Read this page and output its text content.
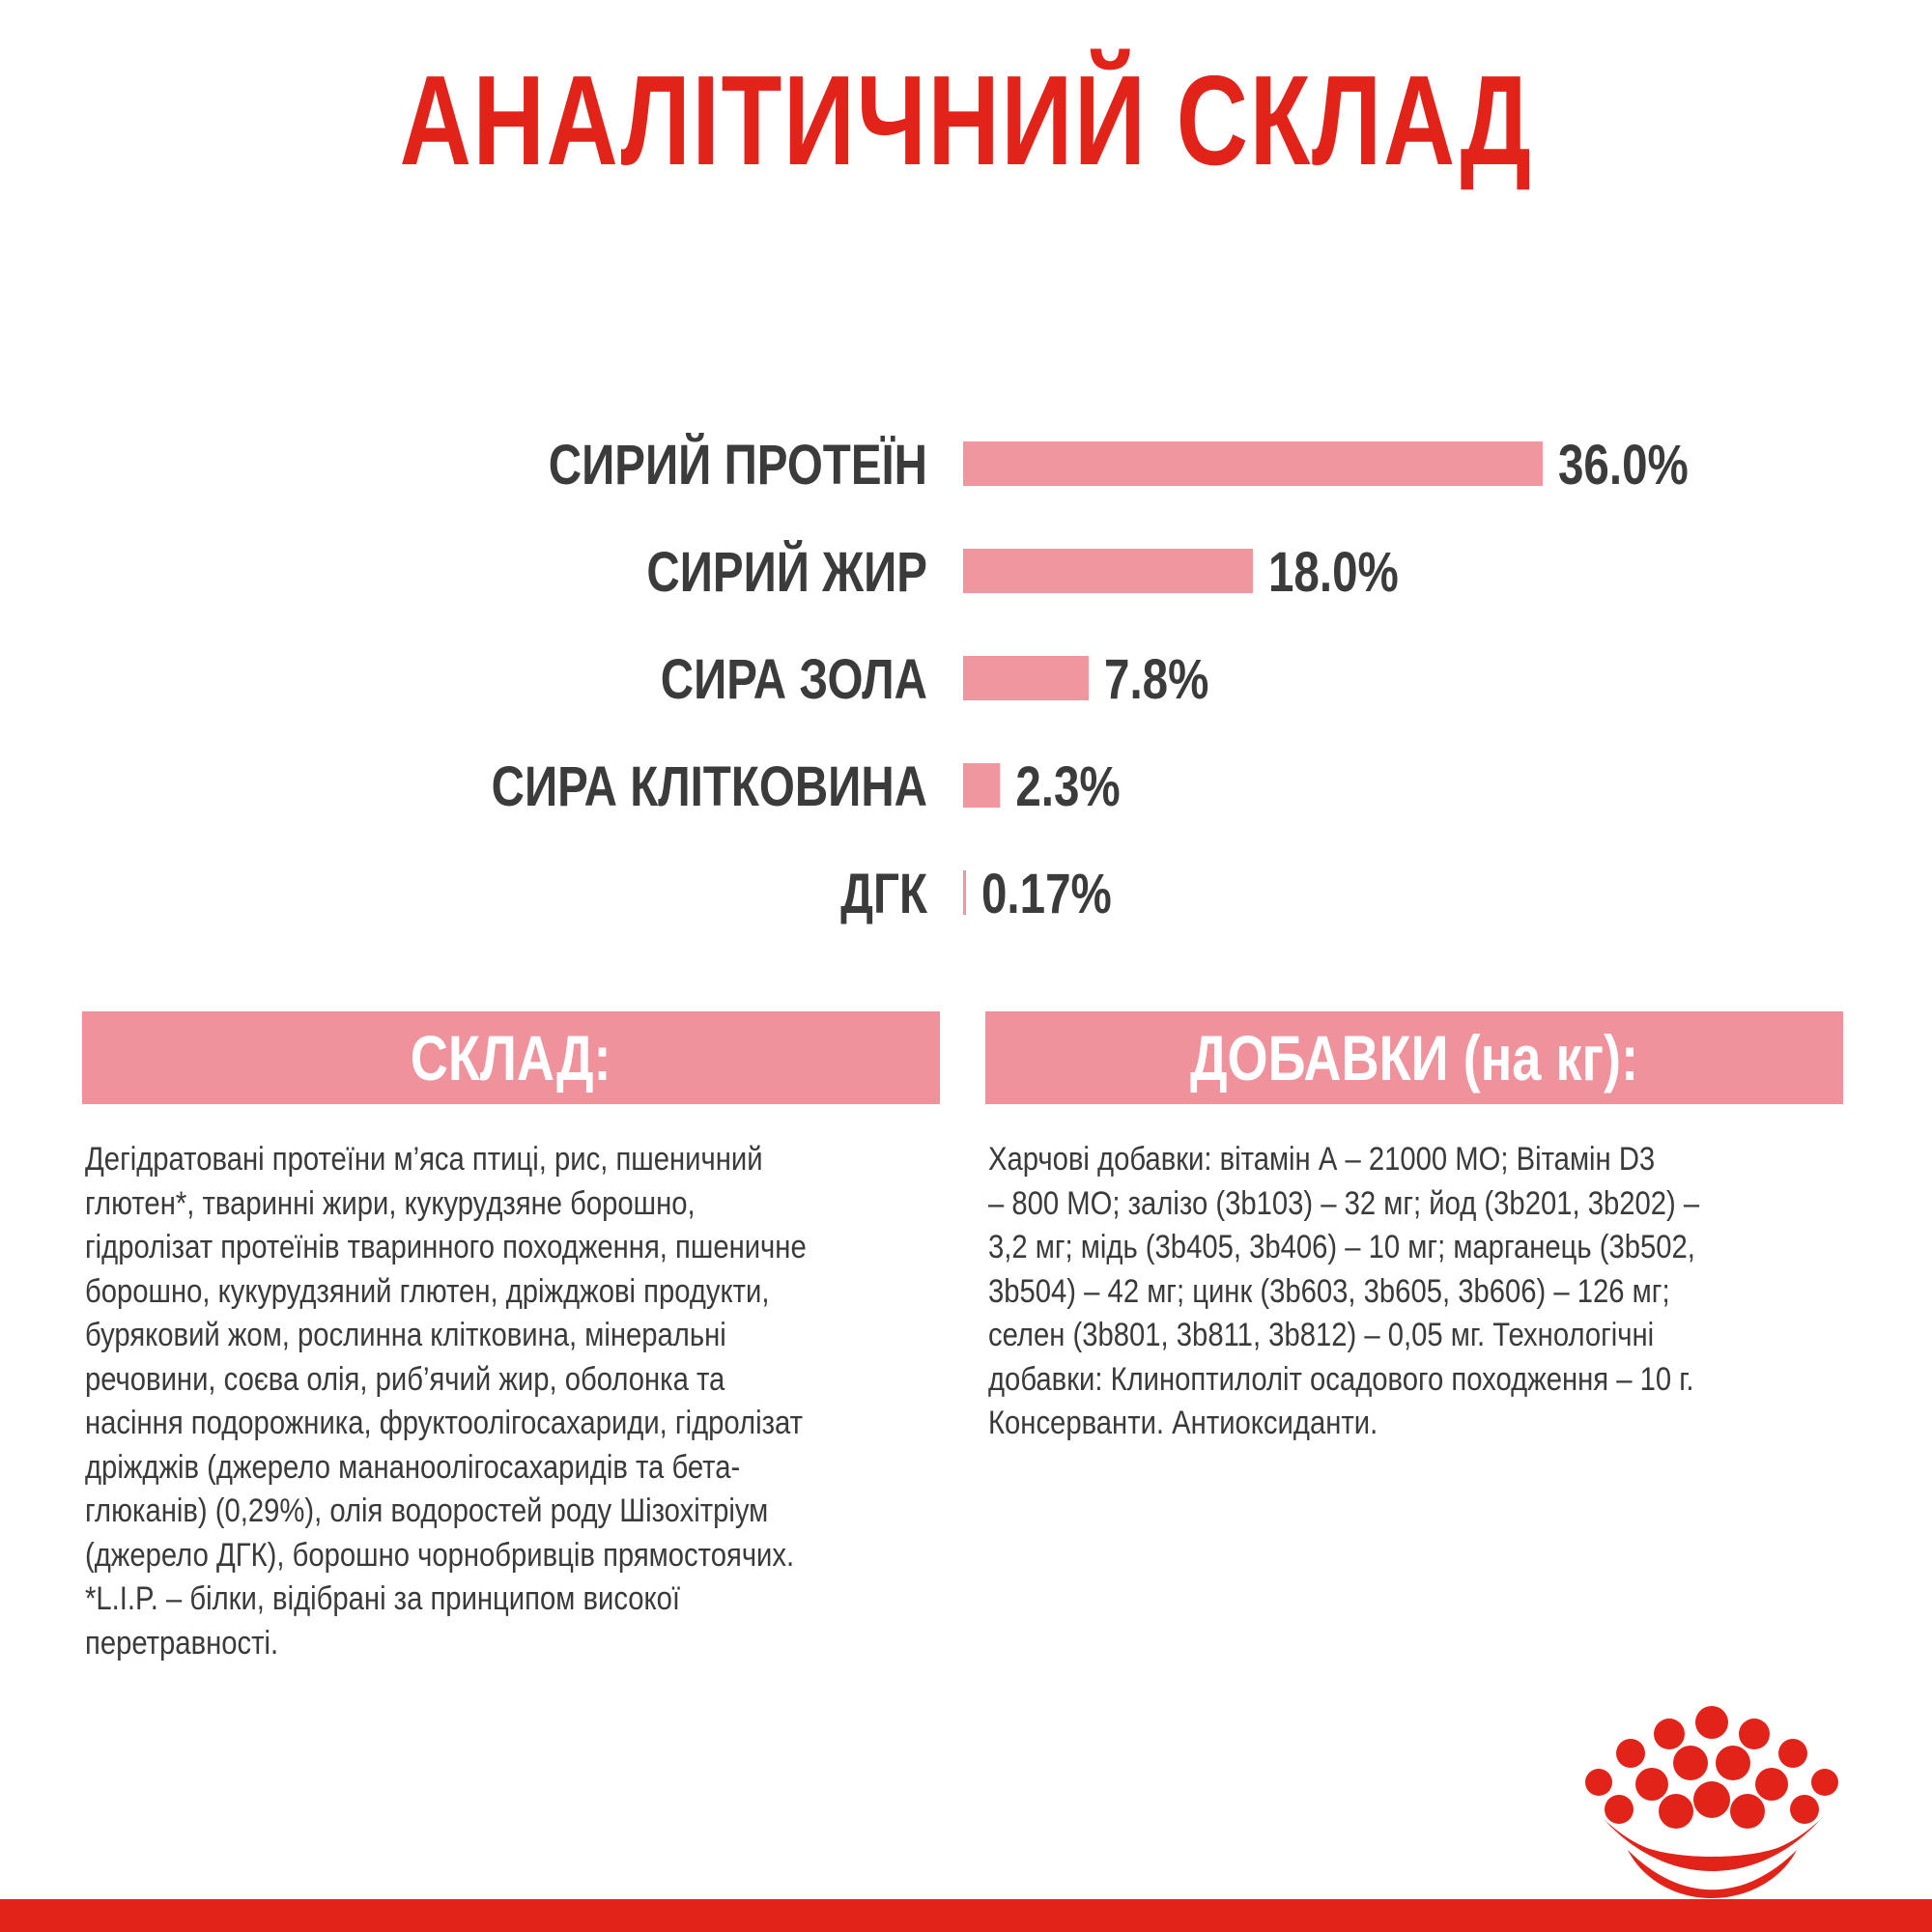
АНАЛІТИЧНИЙ СКЛАД
СИРИЙ ПРОТЕЇН	36.0%
СИРИЙ ЖИР	18.0%
СИРА ЗОЛА	7.8%
СИРА КЛІТКОВИНА 2.3%
ДГК 0.17%
СКЛАД:	ДОБАВКИ (на кг):
Дегідратовані протеїни м’яса птиці, рис, пшеничний
глютен*, тваринні жири, кукурудзяне борошно,
гідролізат протеїнів тваринного походження, пшеничне
борошно, кукурудзяний глютен, дріжджові продукти,
буряковий жом, рослинна клітковина, мінеральні
речовини, соєва олія, риб’ячий жир, оболонка та
насіння подорожника, фруктоолігосахариди, гідролізат
дріжджів (джерело мананоолігосахаридів та бета-
глюканів) (0,29%), олія водоростей роду Шізохітріум
(джерело ДГК), борошно чорнобривців прямостоячих.
*L.I.P. – білки, відібрані за принципом високої
перетравності.
Харчові добавки: вітамін А – 21000 МО; Вітамін D3
– 800 МО; залізо (3b103) – 32 мг; йод (3b201, 3b202) –
3,2 мг; мідь (3b405, 3b406) – 10 мг; марганець (3b502,
3b504) – 42 мг; цинк (3b603, 3b605, 3b606) – 126 мг;
селен (3b801, 3b811, 3b812) – 0,05 мг. Технологічні
добавки: Клиноптилоліт осадового походження – 10 г.
Консерванти. Антиоксиданти.
